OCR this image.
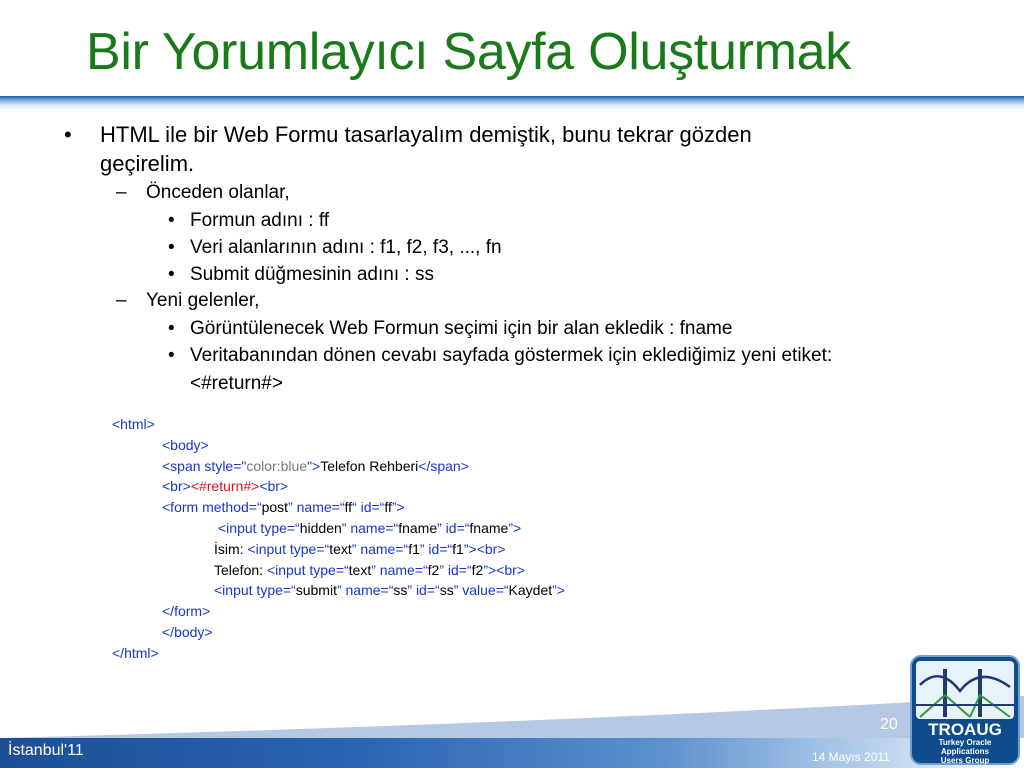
Bir Yorumlayıcı Sayfa Oluşturmak
• HTML ile bir Web Formu tasarlayalım demiştik, bunu tekrar gözden
geçirelim.
– Önceden olanlar,
• Formun adını : ff
• Veri alanlarının adını : f1, f2, f3, ..., fn
• Submit düğmesinin adını : ss
– Yeni gelenler,
• Görüntülenecek Web Formun seçimi için bir alan ekledik : fname
• Veritabanından dönen cevabı sayfada göstermek için eklediğimiz yeni etiket:
<#return#>
<html>
<body>
<span style="color:blue">Telefon Rehberi</span>
<br><#return#><br>
<form method=“post” name=“ff“ id=“ff”>
<input type=“hidden” name=“fname” id=“fname”>
İsim: <input type=“text” name=“f1” id=“f1”><br>
Telefon: <input type=“text” name=“f2” id=“f2”><br>
<input type=“submit” name=“ss” id=“ss” value=“Kaydet”>
</form>
</body>
</html>
İstanbul'11	14 Mayıs 2011
20 TROAUG
Turkey Oracle
Applications
Users Group
